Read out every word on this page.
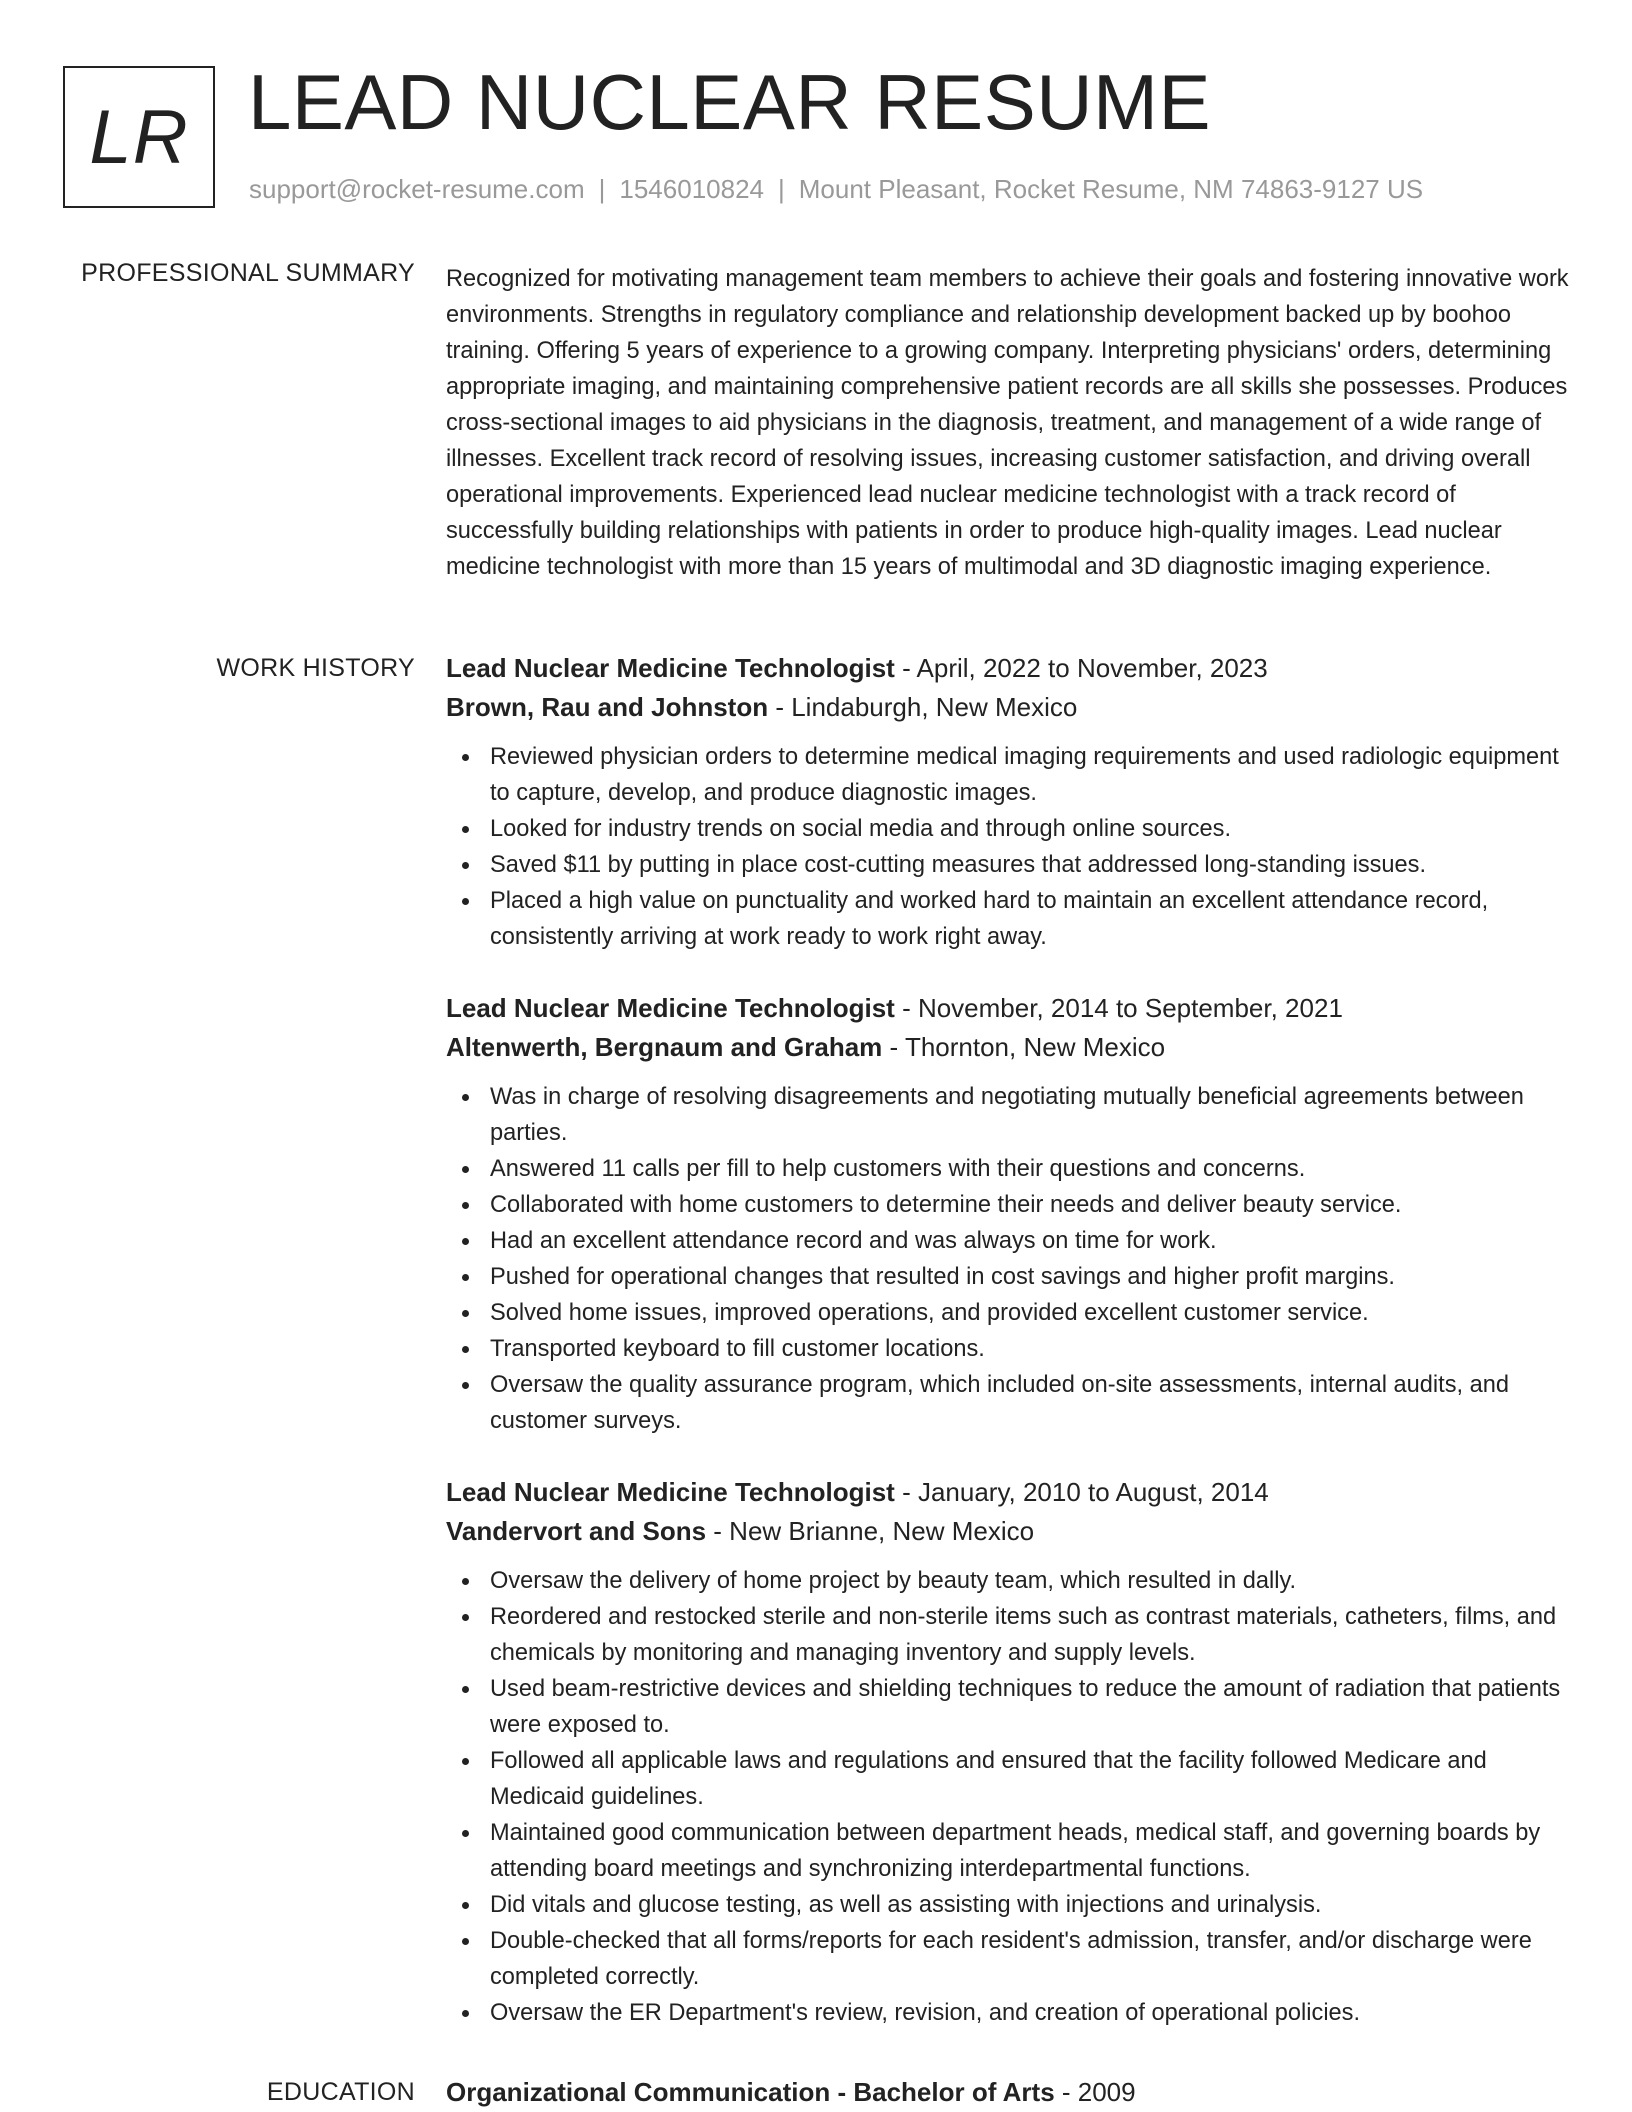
LR LEAD NUCLEAR RESUME
support@rocket-resume.com | 1546010824 | Mount Pleasant, Rocket Resume, NM 74863-9127 US
PROFESSIONAL SUMMARY Recognized for motivating management team members to achieve their goals and fostering innovative work environments. Strengths in regulatory compliance and relationship development backed up by boohoo training. Offering 5 years of experience to a growing company. Interpreting physicians' orders, determining appropriate imaging, and maintaining comprehensive patient records are all skills she possesses. Produces cross-sectional images to aid physicians in the diagnosis, treatment, and management of a wide range of illnesses. Excellent track record of resolving issues, increasing customer satisfaction, and driving overall operational improvements. Experienced lead nuclear medicine technologist with a track record of successfully building relationships with patients in order to produce high-quality images. Lead nuclear medicine technologist with more than 15 years of multimodal and 3D diagnostic imaging experience.

WORK HISTORY Lead Nuclear Medicine Technologist - April, 2022 to November, 2023
Brown, Rau and Johnston - Lindaburgh, New Mexico
Reviewed physician orders to determine medical imaging requirements and used radiologic equipment to capture, develop, and produce diagnostic images.
Looked for industry trends on social media and through online sources.
Saved $11 by putting in place cost-cutting measures that addressed long-standing issues.
Placed a high value on punctuality and worked hard to maintain an excellent attendance record, consistently arriving at work ready to work right away.
Lead Nuclear Medicine Technologist - November, 2014 to September, 2021
Altenwerth, Bergnaum and Graham - Thornton, New Mexico
Was in charge of resolving disagreements and negotiating mutually beneficial agreements between parties.
Answered 11 calls per fill to help customers with their questions and concerns.
Collaborated with home customers to determine their needs and deliver beauty service.
Had an excellent attendance record and was always on time for work.
Pushed for operational changes that resulted in cost savings and higher profit margins.
Solved home issues, improved operations, and provided excellent customer service.
Transported keyboard to fill customer locations.
Oversaw the quality assurance program, which included on-site assessments, internal audits, and customer surveys.
Lead Nuclear Medicine Technologist - January, 2010 to August, 2014
Vandervort and Sons - New Brianne, New Mexico
Oversaw the delivery of home project by beauty team, which resulted in dally.
Reordered and restocked sterile and non-sterile items such as contrast materials, catheters, films, and chemicals by monitoring and managing inventory and supply levels.
Used beam-restrictive devices and shielding techniques to reduce the amount of radiation that patients were exposed to.
Followed all applicable laws and regulations and ensured that the facility followed Medicare and Medicaid guidelines.
Maintained good communication between department heads, medical staff, and governing boards by attending board meetings and synchronizing interdepartmental functions.
Did vitals and glucose testing, as well as assisting with injections and urinalysis.
Double-checked that all forms/reports for each resident's admission, transfer, and/or discharge were completed correctly.
Oversaw the ER Department's review, revision, and creation of operational policies.
EDUCATION Organizational Communication - Bachelor of Arts - 2009
